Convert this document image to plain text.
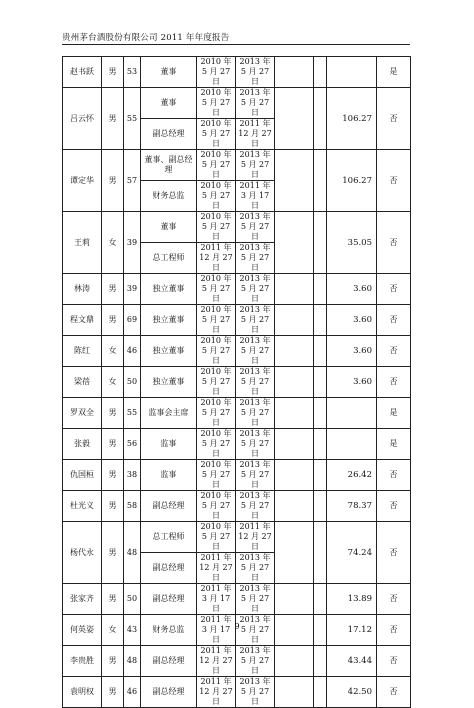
贵州茅台酒股份有限公司 2011 年年度报告
赵书跃	男	53	董事	2010 年 5 月 27 日	2013 年 5 月 27 日				是
吕云怀	男	55	董事	2010 年 5 月 27 日	2013 年 5 月 27 日			106.27	否
			副总经理	2010 年 5 月 27 日	2011 年 12 月 27 日				
谭定华	男	57	董事、副总经理	2010 年 5 月 27 日	2013 年 5 月 27 日			106.27	否
			财务总监	2010 年 5 月 27 日	2011 年 3 月 17 日				
王莉	女	39	董事	2010 年 5 月 27 日	2013 年 5 月 27 日			35.05	否
			总工程师	2011 年 12 月 27 日	2013 年 5 月 27 日				
林涛	男	39	独立董事	2010 年 5 月 27 日	2013 年 5 月 27 日			3.60	否
程文鼎	男	69	独立董事	2010 年 5 月 27 日	2013 年 5 月 27 日			3.60	否
陈红	女	46	独立董事	2010 年 5 月 27 日	2013 年 5 月 27 日			3.60	否
梁蓓	女	50	独立董事	2010 年 5 月 27 日	2013 年 5 月 27 日			3.60	否
罗双全	男	55	监事会主席	2010 年 5 月 27 日	2013 年 5 月 27 日				是
张毅	男	56	监事	2010 年 5 月 27 日	2013 年 5 月 27 日				是
仇国桓	男	38	监事	2010 年 5 月 27 日	2013 年 5 月 27 日			26.42	否
杜光义	男	58	副总经理	2010 年 5 月 27 日	2013 年 5 月 27 日			78.37	否
杨代永	男	48	总工程师	2010 年 5 月 27 日	2011 年 12 月 27 日			74.24	否
			副总经理	2011 年 12 月 27 日	2013 年 5 月 27 日				
张家齐	男	50	副总经理	2011 年 3 月 17 日	2013 年 5 月 27 日			13.89	否
何英姿	女	43	财务总监	2011 年 3 月 17 日	2013 年 5 月 27 日			17.12	否
李贵胜	男	48	副总经理	2011 年 12 月 27 日	2013 年 5 月 27 日			43.44	否
袁明权	男	46	副总经理	2011 年 12 月 27 日	2013 年 5 月 27 日			42.50	否
9
